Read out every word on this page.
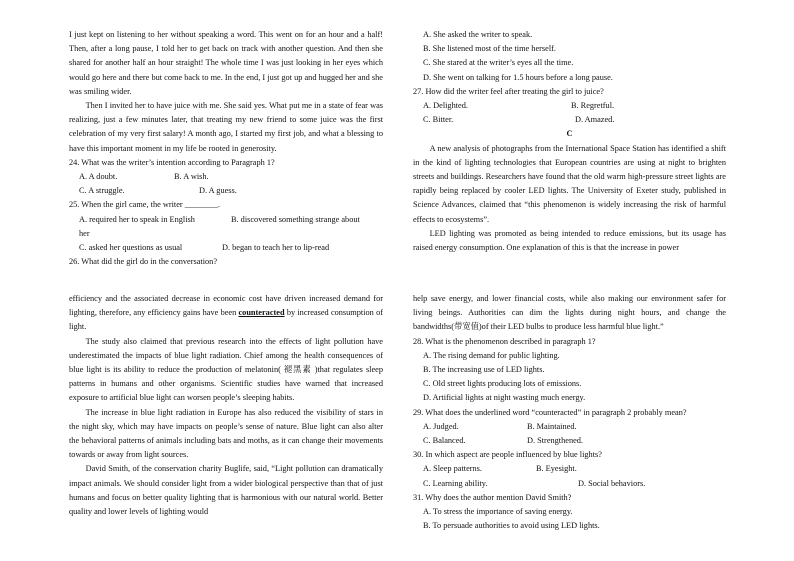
I just kept on listening to her without speaking a word. This went on for an hour and a half! Then, after a long pause, I told her to get back on track with another question. And then she shared for another half an hour straight! The whole time I was just looking in her eyes which would go here and there but come back to me. In the end, I just got up and hugged her and she was smiling wider.

Then I invited her to have juice with me. She said yes. What put me in a state of fear was realizing, just a few minutes later, that treating my new friend to some juice was the first celebration of my very first salary! A month ago, I started my first job, and what a blessing to have this important moment in my life be rooted in generosity.

24. What was the writer’s intention according to Paragraph 1?

A. A doubt.	B. A wish.
C. A struggle.	D. A guess.

25. When the girl came, the writer ________.

A. required her to speak in English	B. discovered something strange about

her

C. asked her questions as usual	D. began to teach her to lip-read

26. What did the girl do in the conversation?

A. She asked the writer to speak.

B. She listened most of the time herself.

C. She stared at the writer’s eyes all the time.

D. She went on talking for 1.5 hours before a long pause.

27. How did the writer feel after treating the girl to juice?

A. Delighted.	B. Regretful.
C. Bitter.	D. Amazed.

C

A new analysis of photographs from the International Space Station has identified a shift in the kind of lighting technologies that European countries are using at night to brighten streets and buildings. Researchers have found that the old warm high-pressure street lights are rapidly being replaced by cooler LED lights. The University of Exeter study, published in Science Advances, claimed that “this phenomenon is widely increasing the risk of harmful effects to ecosystems”.

LED lighting was promoted as being intended to reduce emissions, but its usage has raised energy consumption. One explanation of this is that the increase in power

efficiency and the associated decrease in economic cost have driven increased demand for lighting, therefore, any efficiency gains have been counteracted by increased consumption of light.

The study also claimed that previous research into the effects of light pollution have underestimated the impacts of blue light radiation. Chief among the health consequences of blue light is its ability to reduce the production of melatonin( 褪黑素 )that regulates sleep patterns in humans and other organisms. Scientific studies have warned that increased exposure to artificial blue light can worsen people’s sleeping habits.

The increase in blue light radiation in Europe has also reduced the visibility of stars in the night sky, which may have impacts on people’s sense of nature. Blue light can also alter the behavioral patterns of animals including bats and moths, as it can change their movements towards or away from light sources.

David Smith, of the conservation charity Buglife, said, “Light pollution can dramatically impact animals. We should consider light from a wider biological perspective than that of just humans and focus on better quality lighting that is harmonious with our natural world. Better quality and lower levels of lighting would

help save energy, and lower financial costs, while also making our environment safer for living beings. Authorities can dim the lights during night hours, and change the bandwidths(带宽值)of their LED bulbs to produce less harmful blue light.”

28. What is the phenomenon described in paragraph 1?

A. The rising demand for public lighting.

B. The increasing use of LED lights.

C. Old street lights producing lots of emissions.

D. Artificial lights at night wasting much energy.

29. What does the underlined word “counteracted” in paragraph 2 probably mean?

A. Judged.	B. Maintained.
C. Balanced.	D. Strengthened.

30. In which aspect are people influenced by blue lights?

A. Sleep patterns.	B. Eyesight.
C. Learning ability.	D. Social behaviors.

31. Why does the author mention David Smith?

A. To stress the importance of saving energy.

B. To persuade authorities to avoid using LED lights.
